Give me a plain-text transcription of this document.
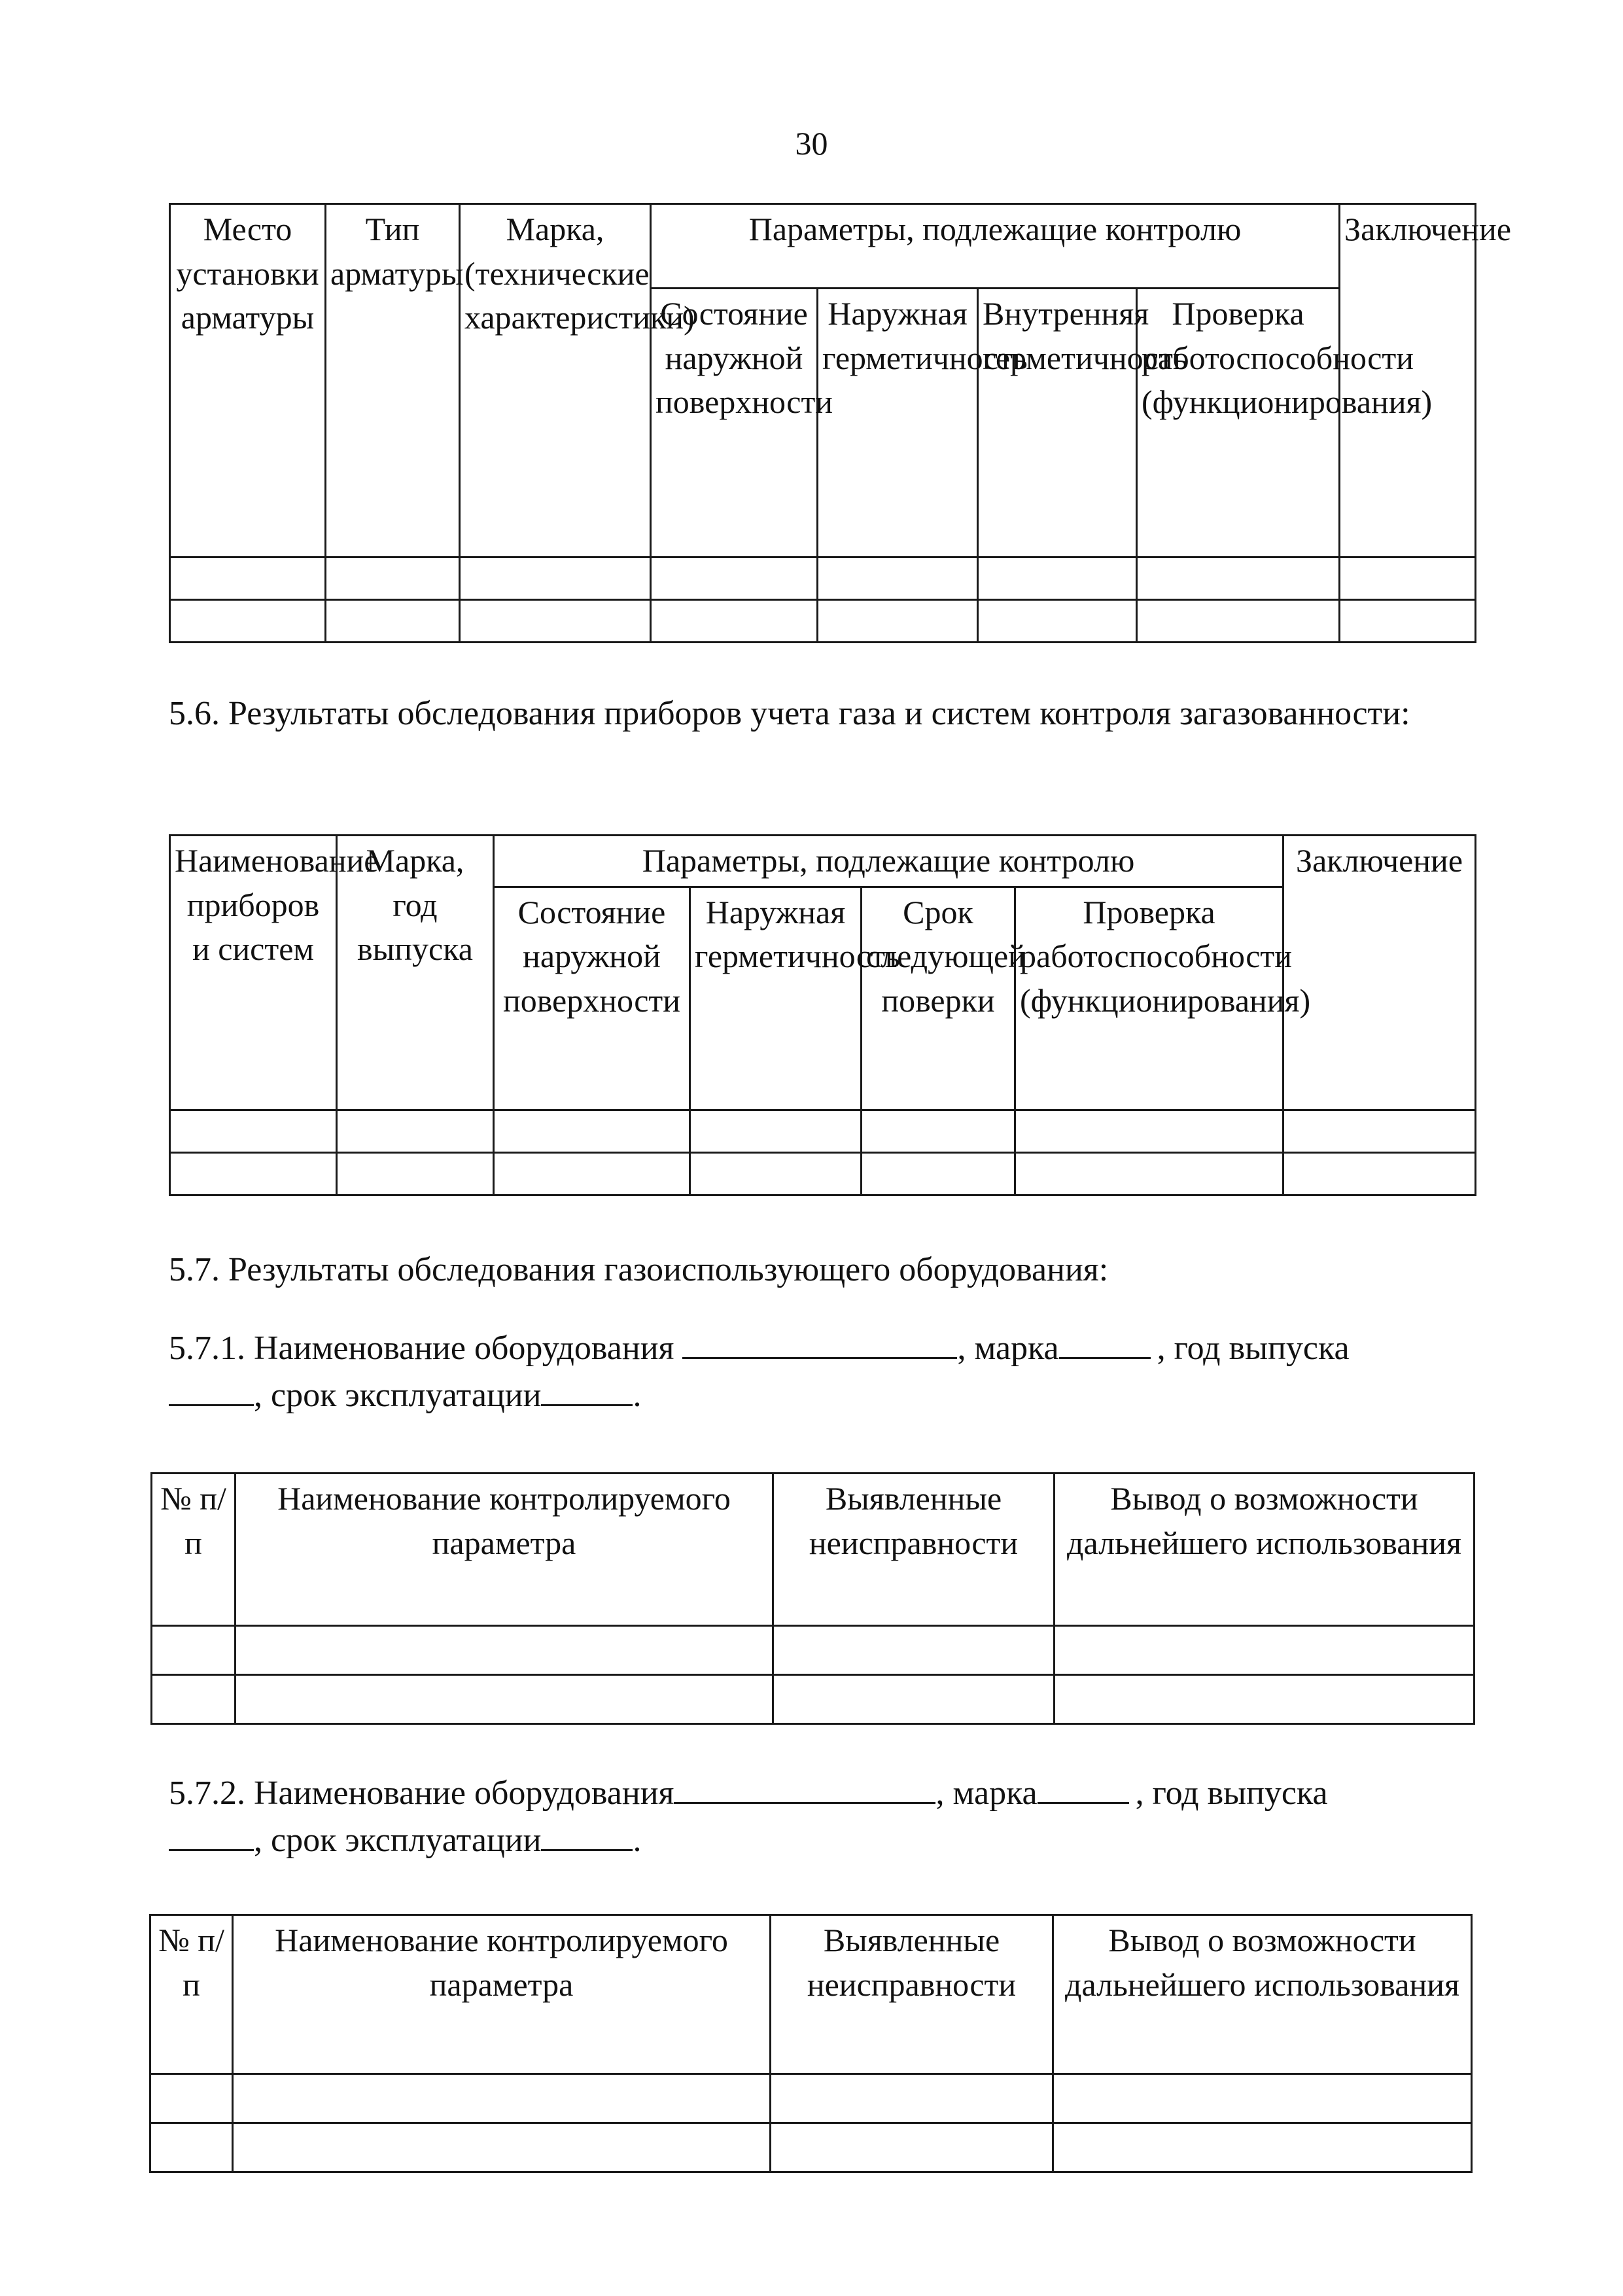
30
Место установки арматуры	Тип арматуры	Марка, (технические характеристики)	Параметры, подлежащие контролю				Заключение
			Состояние наружной поверхности	Наружная герметичность	Внутренняя герметичность	Проверка работоспособности (функционирования)	

5.6. Результаты обследования приборов учета газа и систем контроля загазованности:
Наименование приборов и систем	Марка, год выпуска	Параметры, подлежащие контролю				Заключение
		Состояние наружной поверхности	Наружная герметичность	Срок следующей поверки	Проверка работоспособности (функционирования)	

5.7. Результаты обследования газоиспользующего оборудования:
5.7.1. Наименование оборудования	, марка	, год выпуска
, срок эксплуатации	.
№ п/п	Наименование контролируемого параметра	Выявленные неисправности	Вывод о возможности дальнейшего использования

5.7.2. Наименование оборудования	, марка	, год выпуска
, срок эксплуатации	.
№ п/п	Наименование контролируемого параметра	Выявленные неисправности	Вывод о возможности дальнейшего использования
